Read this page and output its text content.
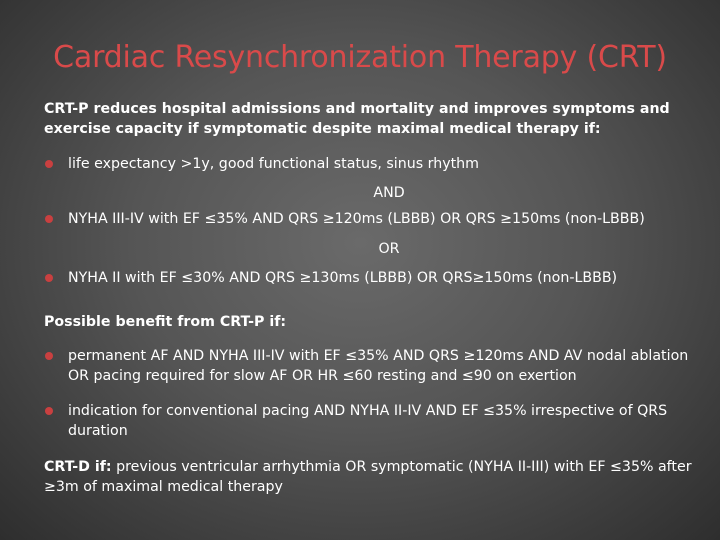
Cardiac Resynchronization Therapy (CRT)

CRT-P reduces hospital admissions and mortality and improves symptoms and exercise capacity if symptomatic despite maximal medical therapy if:

life expectancy >1y, good functional status, sinus rhythm
AND
NYHA III-IV with EF ≤35% AND QRS ≥120ms (LBBB) OR QRS ≥150ms (non-LBBB)
OR
NYHA II with EF ≤30% AND QRS ≥130ms (LBBB) OR QRS≥150ms (non-LBBB)
Possible benefit from CRT-P if:
permanent AF AND NYHA III-IV with EF ≤35% AND QRS ≥120ms AND AV nodal ablation OR pacing required for slow AF OR HR ≤60 resting and ≤90 on exertion
indication for conventional pacing AND NYHA II-IV AND EF ≤35% irrespective of QRS duration
CRT-D if: previous ventricular arrhythmia OR symptomatic (NYHA II-III) with EF ≤35% after ≥3m of maximal medical therapy
